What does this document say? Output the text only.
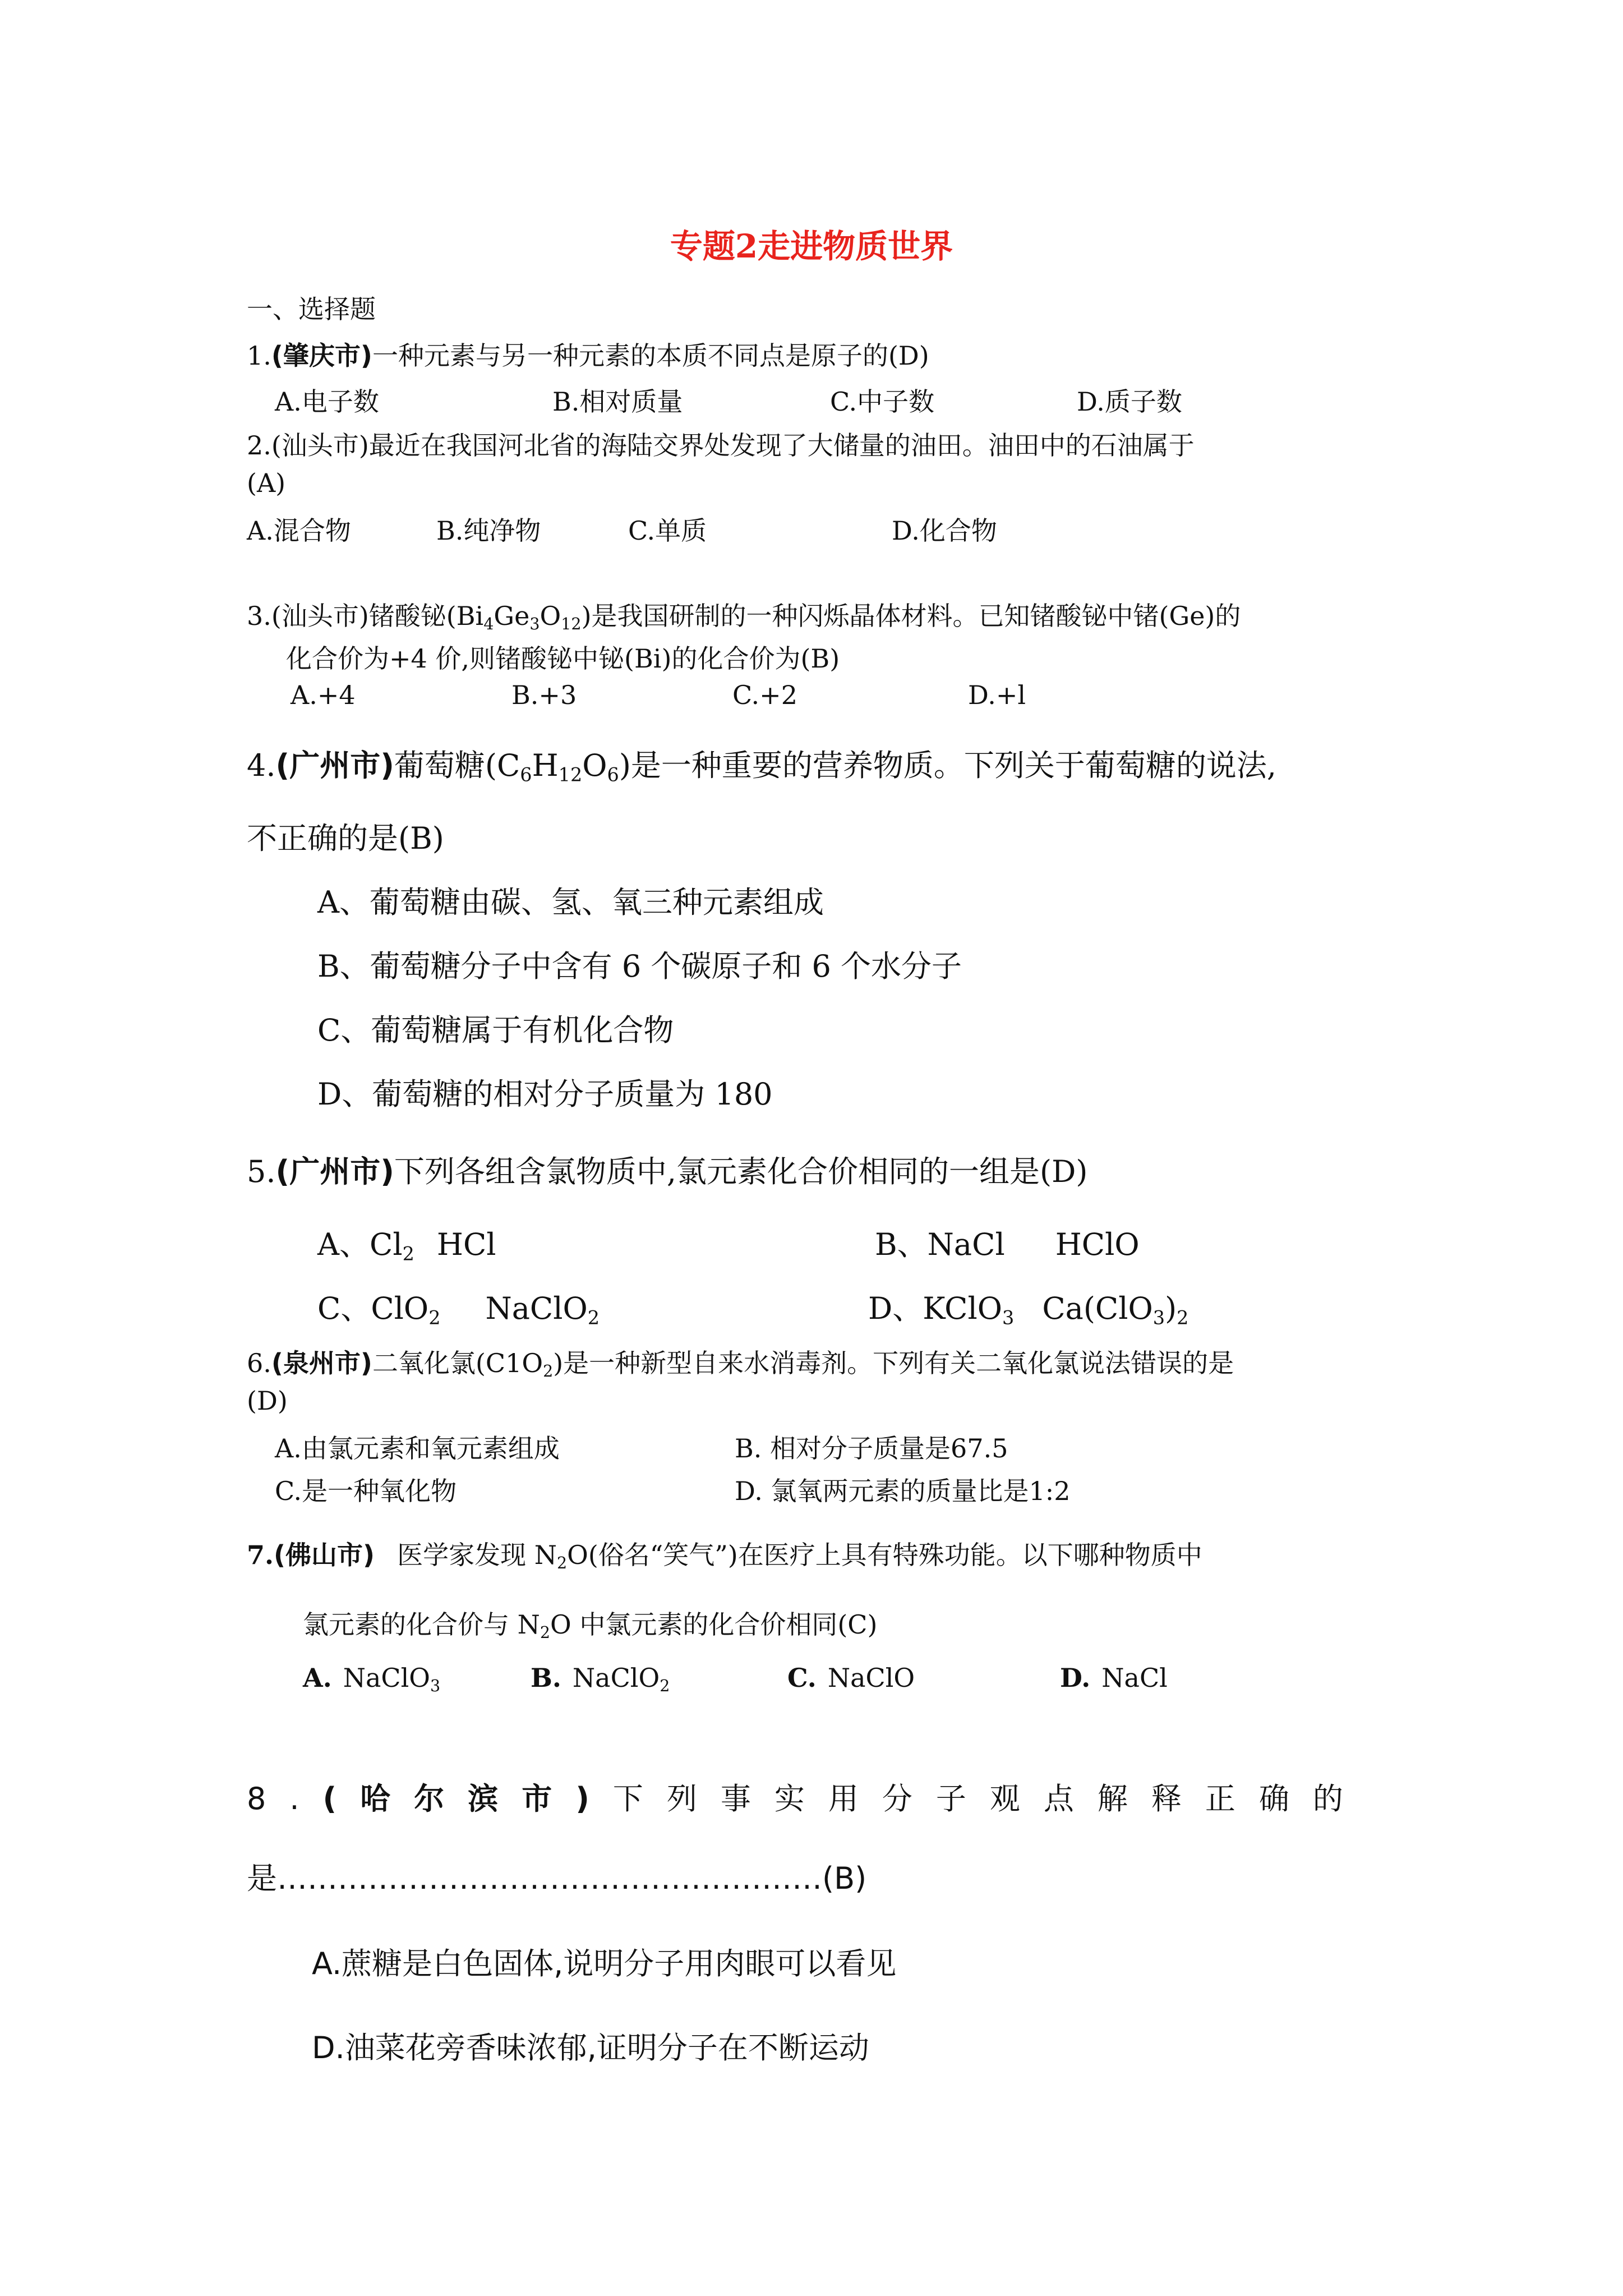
专题2走进物质世界
一、选择题
1.(肇庆市)一种元素与另一种元素的本质不同点是原子的(D)
A.电子数	B.相对质量	C.中子数	D.质子数
2.(汕头市)最近在我国河北省的海陆交界处发现了大储量的油田。油田中的石油属于
(A)
A.混合物	B.纯净物	C.单质	D.化合物
3.(汕头市)锗酸铋$(Bi_4Ge_3O_{12})$是我国研制的一种闪烁晶体材料。已知锗酸铋中锗(Ge)的
化合价为+4 价,则锗酸铋中铋(Bi)的化合价为(B)
A.+4	B.+3	C.+2	D.+l
4.(广州市)葡萄糖$(C_6H_{12}O_6)$是一种重要的营养物质。下列关于葡萄糖的说法,
不正确的是(B)
A、葡萄糖由碳、氢、氧三种元素组成
B、葡萄糖分子中含有 6 个碳原子和 6 个水分子
C、葡萄糖属于有机化合物
D、葡萄糖的相对分子质量为 180
5.(广州市)下列各组含氯物质中,氯元素化合价相同的一组是(D)
A、$Cl_2$ HCl	B、NaCl HClO
C、ClO$_2$ NaClO$_2$	D、KClO$_3$ $Ca(ClO_3)_2$
6.(泉州市)二氧化氯$(C1O_2)$是一种新型自来水消毒剂。下列有关二氧化氯说法错误的是
(D)
A.由氯元素和氧元素组成	B. 相对分子质量是67.5
C.是一种氧化物	D. 氯氧两元素的质量比是1:2
7.(佛山市) 医学家发现 $N_2O$(俗名“笑气”)在医疗上具有特殊功能。以下哪种物质中
氯元素的化合价与 $N_2O$ 中氯元素的化合价相同(C)
A. NaClO$_3$	B. NaClO$_2$	C. NaClO	D. NaCl
8.(哈尔滨市)下列事实用分子观点解释正确的
是………………………………………………(B)
A.蔗糖是白色固体,说明分子用肉眼可以看见
D.油菜花旁香味浓郁,证明分子在不断运动
